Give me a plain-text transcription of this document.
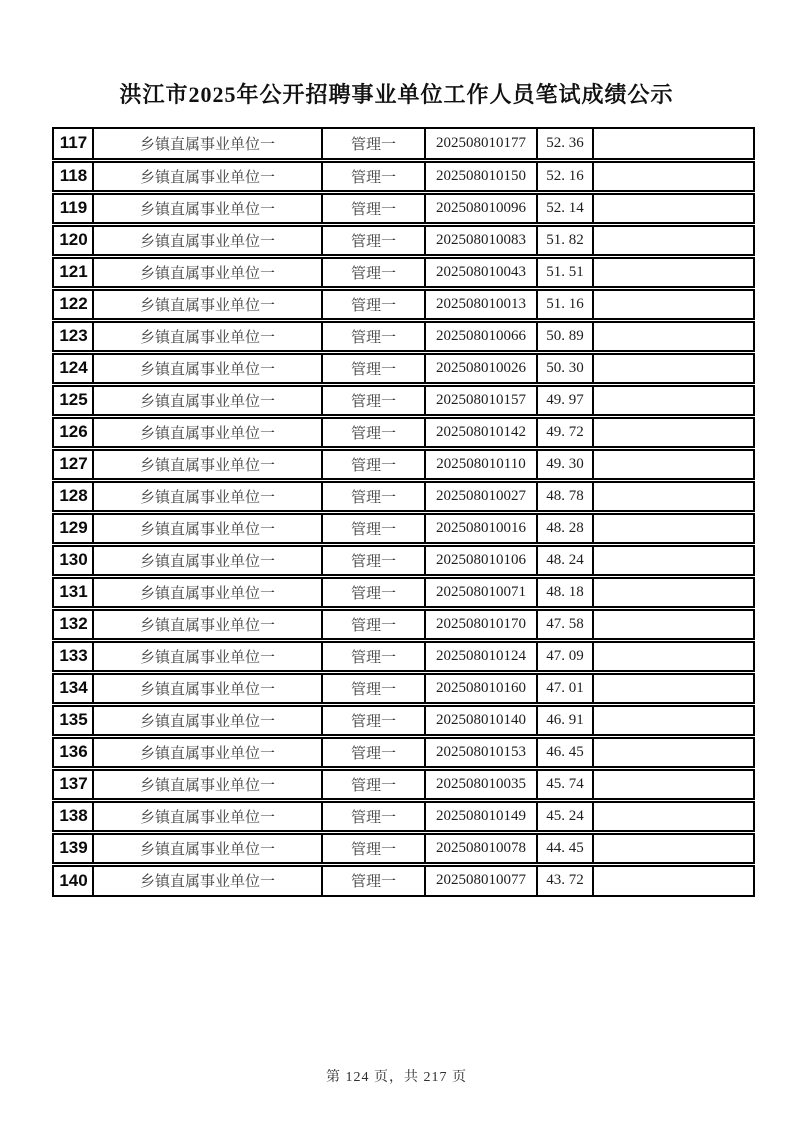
洪江市2025年公开招聘事业单位工作人员笔试成绩公示
117	乡镇直属事业单位一	管理一	202508010177	52. 36	
118	乡镇直属事业单位一	管理一	202508010150	52. 16	
119	乡镇直属事业单位一	管理一	202508010096	52. 14	
120	乡镇直属事业单位一	管理一	202508010083	51. 82	
121	乡镇直属事业单位一	管理一	202508010043	51. 51	
122	乡镇直属事业单位一	管理一	202508010013	51. 16	
123	乡镇直属事业单位一	管理一	202508010066	50. 89	
124	乡镇直属事业单位一	管理一	202508010026	50. 30	
125	乡镇直属事业单位一	管理一	202508010157	49. 97	
126	乡镇直属事业单位一	管理一	202508010142	49. 72	
127	乡镇直属事业单位一	管理一	202508010110	49. 30	
128	乡镇直属事业单位一	管理一	202508010027	48. 78	
129	乡镇直属事业单位一	管理一	202508010016	48. 28	
130	乡镇直属事业单位一	管理一	202508010106	48. 24	
131	乡镇直属事业单位一	管理一	202508010071	48. 18	
132	乡镇直属事业单位一	管理一	202508010170	47. 58	
133	乡镇直属事业单位一	管理一	202508010124	47. 09	
134	乡镇直属事业单位一	管理一	202508010160	47. 01	
135	乡镇直属事业单位一	管理一	202508010140	46. 91	
136	乡镇直属事业单位一	管理一	202508010153	46. 45	
137	乡镇直属事业单位一	管理一	202508010035	45. 74	
138	乡镇直属事业单位一	管理一	202508010149	45. 24	
139	乡镇直属事业单位一	管理一	202508010078	44. 45	
140	乡镇直属事业单位一	管理一	202508010077	43. 72	
第 124 页，共 217 页
